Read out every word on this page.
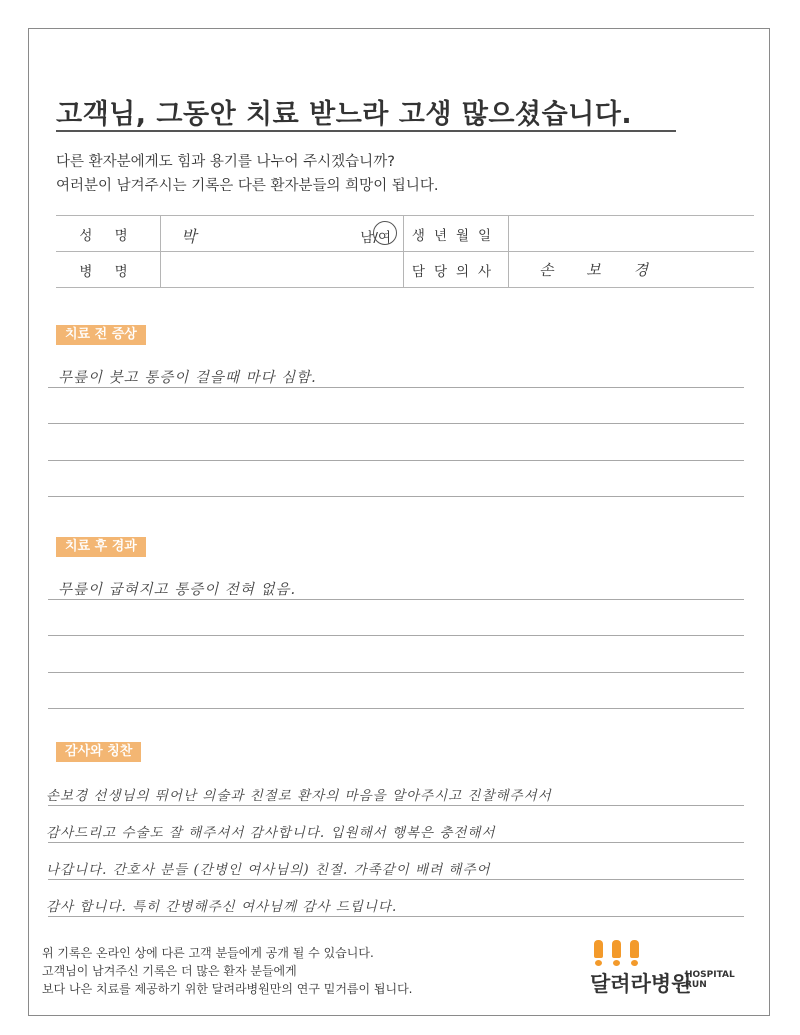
고객님, 그동안 치료 받느라 고생 많으셨습니다.
다른 환자분에게도 힘과 용기를 나누어 주시겠습니까?
여러분이 남겨주시는 기록은 다른 환자분들의 희망이 됩니다.
성 명	박 남/여	생년월일	
병 명		담당의사	손 보 경
치료 전 증상
무릎이 붓고 통증이 걸을때 마다 심함.
치료 후 경과
무릎이 굽혀지고 통증이 전혀 없음.
감사와 칭찬
손보경 선생님의 뛰어난 의술과 친절로 환자의 마음을 알아주시고 진찰해주셔서
감사드리고 수술도 잘 해주셔서 감사합니다. 입원해서 행복은 충전해서
나갑니다. 간호사 분들 (간병인 여사님의) 친절. 가족같이 배려 해주어
감사 합니다. 특히 간병해주신 여사님께 감사 드립니다.
위 기록은 온라인 상에 다른 고객 분들에게 공개 될 수 있습니다.
고객님이 남겨주신 기록은 더 많은 환자 분들에게
보다 나은 치료를 제공하기 위한 달려라병원만의 연구 밑거름이 됩니다.	달려라병원
HOSPITAL
RUN
